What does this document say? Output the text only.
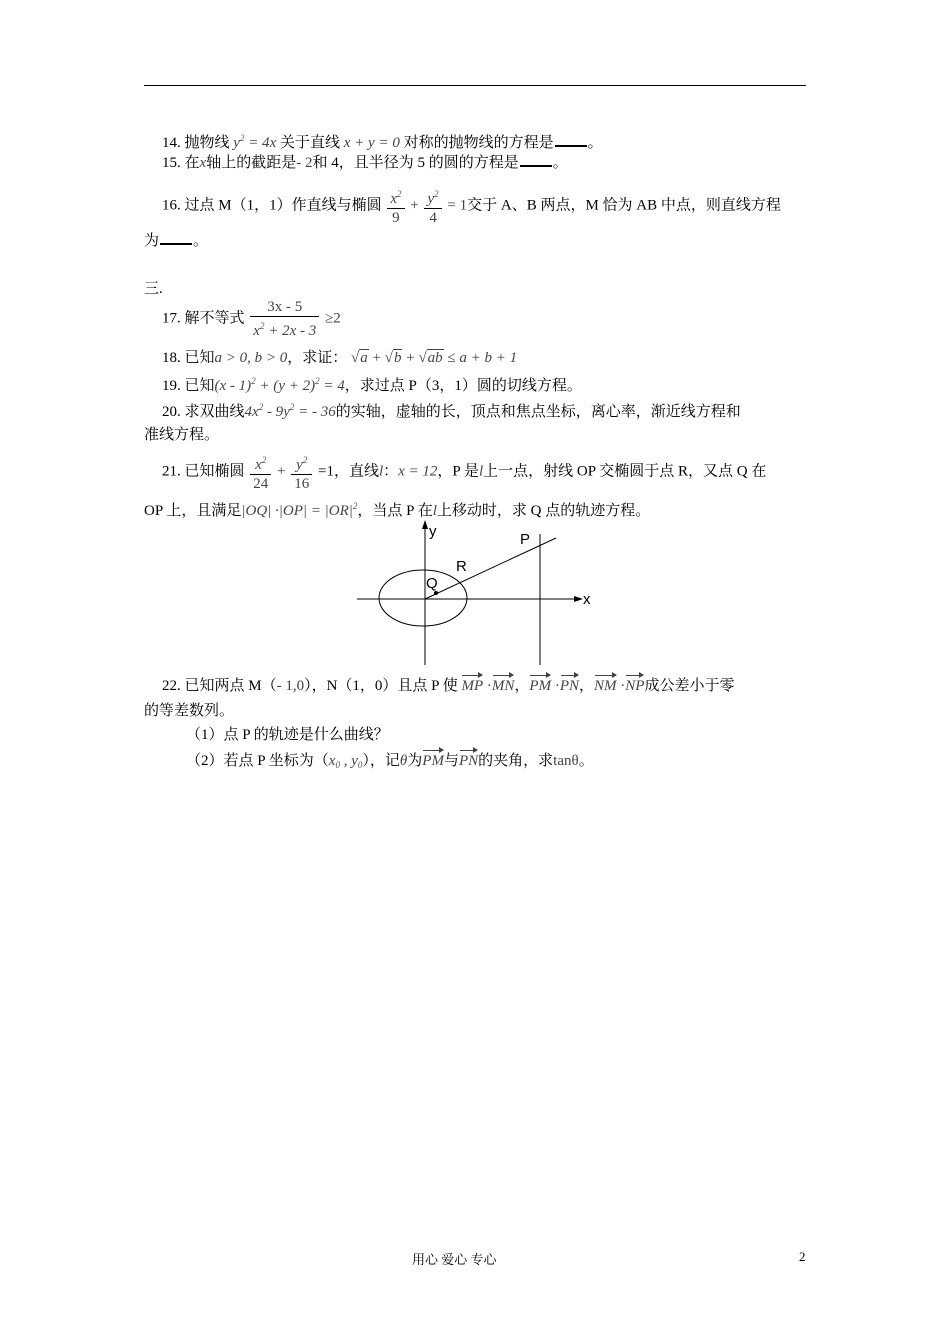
14. 抛物线 $y^2 = 4x$ 关于直线 x + y = 0 对称的抛物线的方程是 。
15. 在x轴上的截距是- 2和 4，且半径为 5 的圆的方程是 。
16. 过点 M（1，1）作直线与椭圆 $\frac{x^2}{9} + \frac{y^2}{4} = 1$交于 A、B 两点，M 恰为 AB 中点，则直线方程
为 。
三.
17. 解不等式 $\frac{3x - 5}{x^2 + 2x - 3} \ge 2$
18. 已知a > 0, b > 0，求证： √a + √b + √ab ≤ a + b + 1
19. 已知$(x - 1)^2 + (y + 2)^2 = 4$，求过点 P（3，1）圆的切线方程。
20. 求双曲线$4x^2 - 9y^2$ = - 36的实轴，虚轴的长，顶点和焦点坐标，离心率，渐近线方程和
准线方程。
21. 已知椭圆 $\frac{x^2}{24} + \frac{y^2}{16} =1$，直线l：x = 12，P 是l上一点，射线 OP 交椭圆于点 R，又点 Q 在
OP 上，且满足$|OQ| \cdot|OP| = |OR|^2$，当点 P 在l上移动时，求 Q 点的轨迹方程。
y
x
P
R
Q
22. 已知两点 M（- 1,0），N（1，0）且点 P 使 MP ·MN，PM ·PN，NM ·NP成公差小于零
的等差数列。
（1）点 P 的轨迹是什么曲线？
（2）若点 P 坐标为（$x_0$ , $y_0$），记θ为PM与PN的夹角，求tanθ。
用心 爱心 专心	2
